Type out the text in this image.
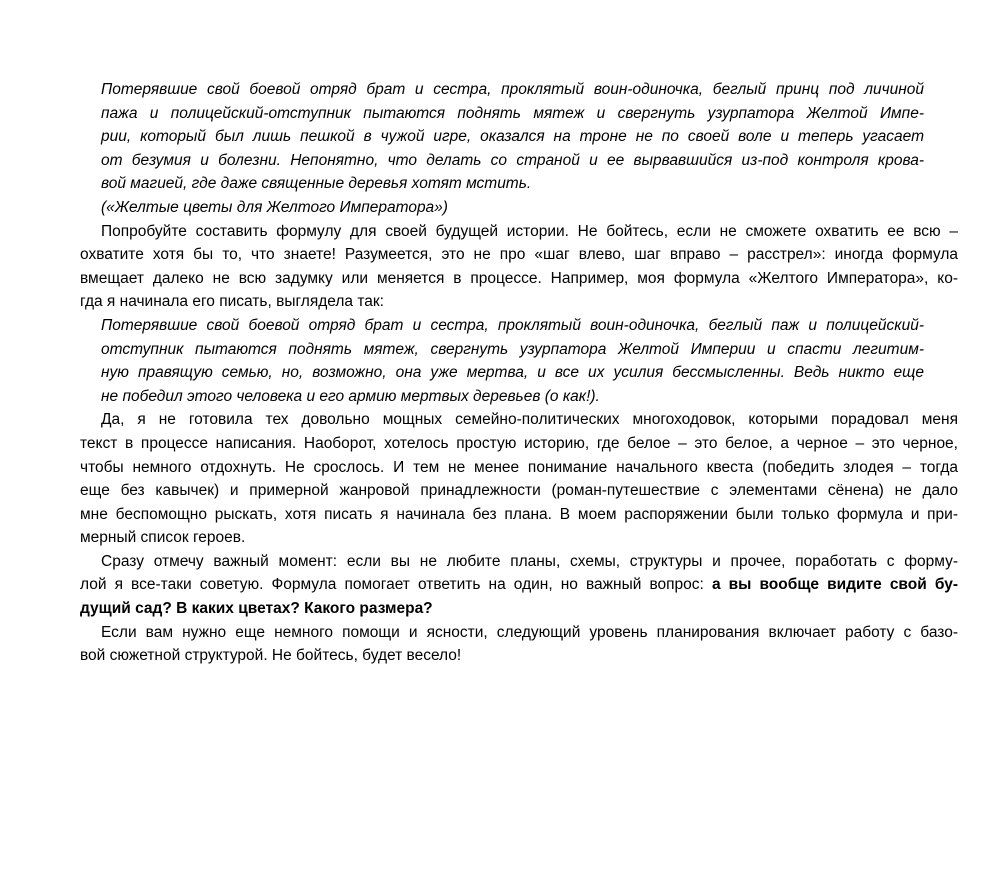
Потерявшие свой боевой отряд брат и сестра, проклятый воин-одиночка, беглый принц под личиной
пажа и полицейский-отступник пытаются поднять мятеж и свергнуть узурпатора Желтой Импе-
рии, который был лишь пешкой в чужой игре, оказался на троне не по своей воле и теперь угасает
от безумия и болезни. Непонятно, что делать со страной и ее вырвавшийся из-под контроля крова-
вой магией, где даже священные деревья хотят мстить.
(«Желтые цветы для Желтого Императора»)
Попробуйте составить формулу для своей будущей истории. Не бойтесь, если не сможете охватить ее всю –
охватите хотя бы то, что знаете! Разумеется, это не про «шаг влево, шаг вправо – расстрел»: иногда формула
вмещает далеко не всю задумку или меняется в процессе. Например, моя формула «Желтого Императора», ко-
гда я начинала его писать, выглядела так:
Потерявшие свой боевой отряд брат и сестра, проклятый воин-одиночка, беглый паж и полицейский-
отступник пытаются поднять мятеж, свергнуть узурпатора Желтой Империи и спасти легитим-
ную правящую семью, но, возможно, она уже мертва, и все их усилия бессмысленны. Ведь никто еще
не победил этого человека и его армию мертвых деревьев (о как!).
Да, я не готовила тех довольно мощных семейно-политических многоходовок, которыми порадовал меня
текст в процессе написания. Наоборот, хотелось простую историю, где белое – это белое, а черное – это черное,
чтобы немного отдохнуть. Не срослось. И тем не менее понимание начального квеста (победить злодея – тогда
еще без кавычек) и примерной жанровой принадлежности (роман-путешествие с элементами сёнена) не дало
мне беспомощно рыскать, хотя писать я начинала без плана. В моем распоряжении были только формула и при-
мерный список героев.
Сразу отмечу важный момент: если вы не любите планы, схемы, структуры и прочее, поработать с форму-
лой я все-таки советую. Формула помогает ответить на один, но важный вопрос: а вы вообще видите свой бу-
дущий сад? В каких цветах? Какого размера?
Если вам нужно еще немного помощи и ясности, следующий уровень планирования включает работу с базо-
вой сюжетной структурой. Не бойтесь, будет весело!
